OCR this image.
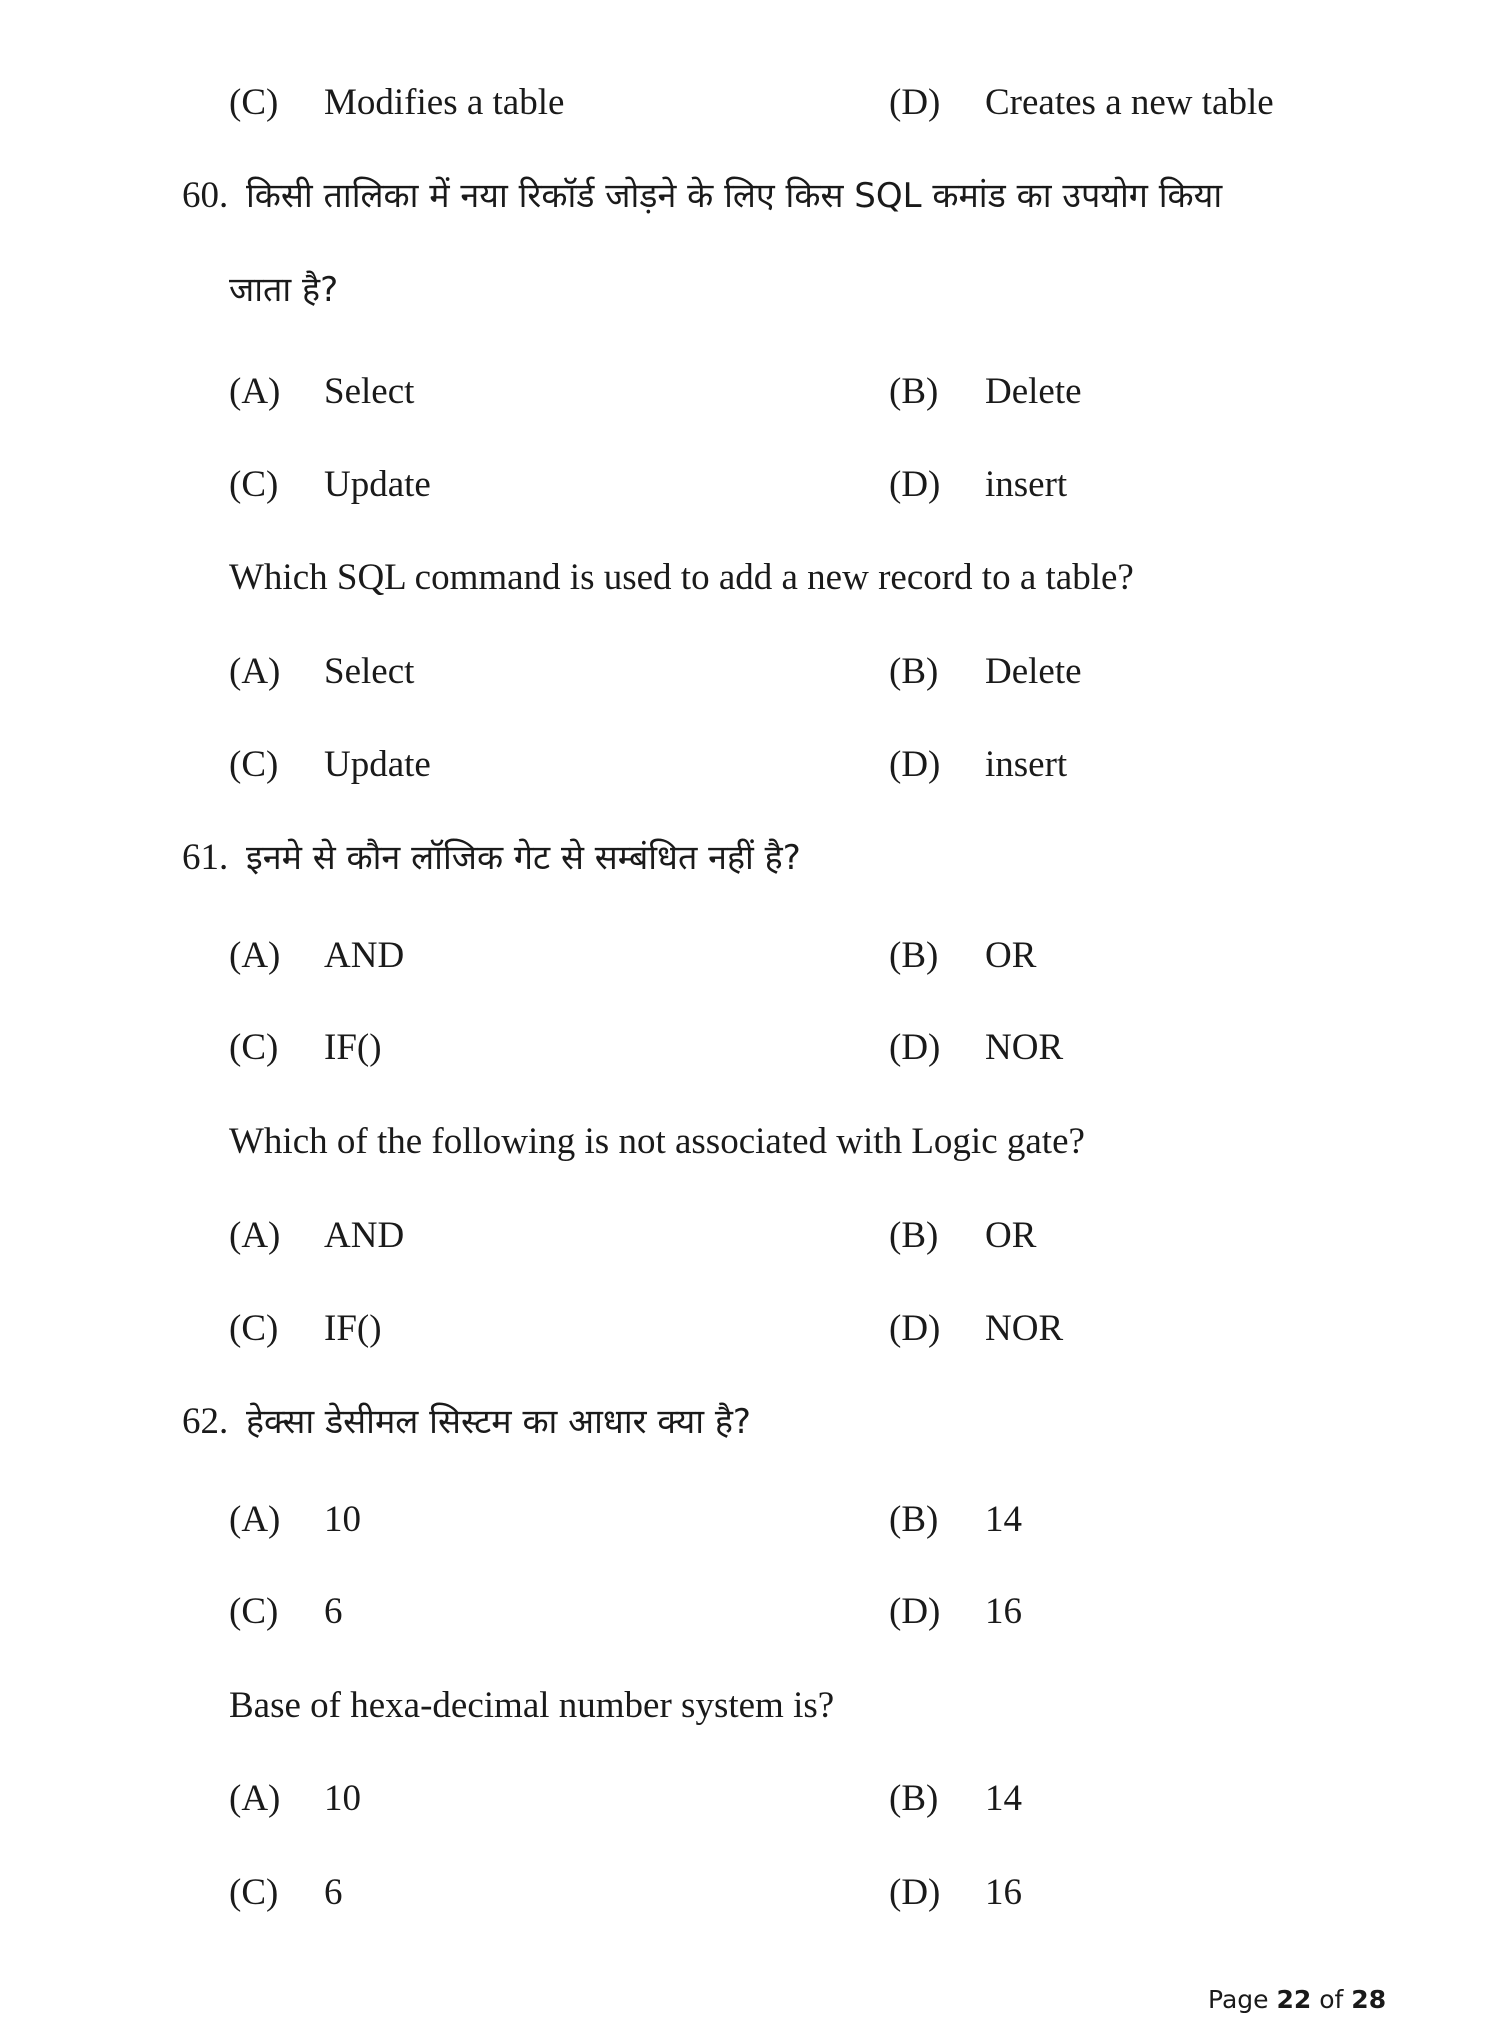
(C) Modifies a table	(D) Creates a new table
60. किसी तालिका में नया रिकॉर्ड जोड़ने के लिए किस SQL कमांड का उपयोग किया
जाता है?
(A) Select	(B) Delete
(C) Update	(D) insert
Which SQL command is used to add a new record to a table?
(A) Select	(B) Delete
(C) Update	(D) insert
61. इनमे से कौन लॉजिक गेट से सम्बंधित नहीं है?
(A) AND	(B) OR
(C) IF()	(D) NOR
Which of the following is not associated with Logic gate?
(A) AND	(B) OR
(C) IF()	(D) NOR
62. हेक्सा डेसीमल सिस्टम का आधार क्या है?
(A) 10	(B) 14
(C) 6	(D) 16
Base of hexa-decimal number system is?
(A) 10	(B) 14
(C) 6	(D) 16
Page 22 of 28
